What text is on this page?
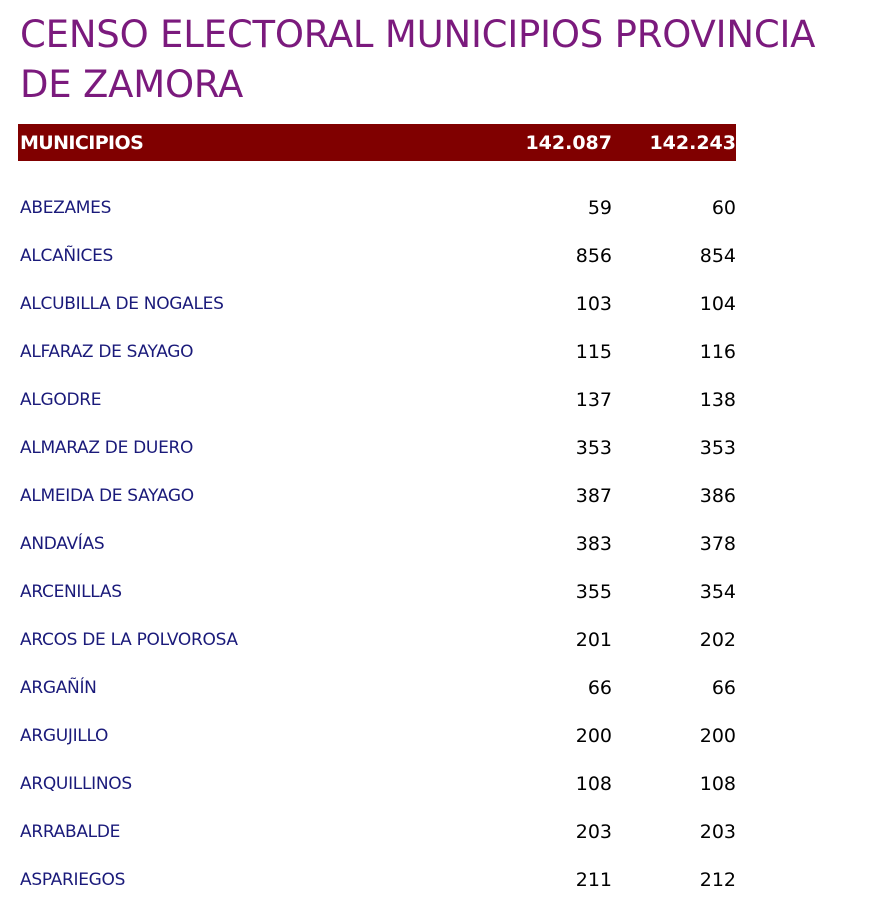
CENSO ELECTORAL MUNICIPIOS PROVINCIA DE ZAMORA
MUNICIPIOS	142.087	142.243
ABEZAMES	59	60
ALCAÑICES	856	854
ALCUBILLA DE NOGALES	103	104
ALFARAZ DE SAYAGO	115	116
ALGODRE	137	138
ALMARAZ DE DUERO	353	353
ALMEIDA DE SAYAGO	387	386
ANDAVÍAS	383	378
ARCENILLAS	355	354
ARCOS DE LA POLVOROSA	201	202
ARGAÑÍN	66	66
ARGUJILLO	200	200
ARQUILLINOS	108	108
ARRABALDE	203	203
ASPARIEGOS	211	212
